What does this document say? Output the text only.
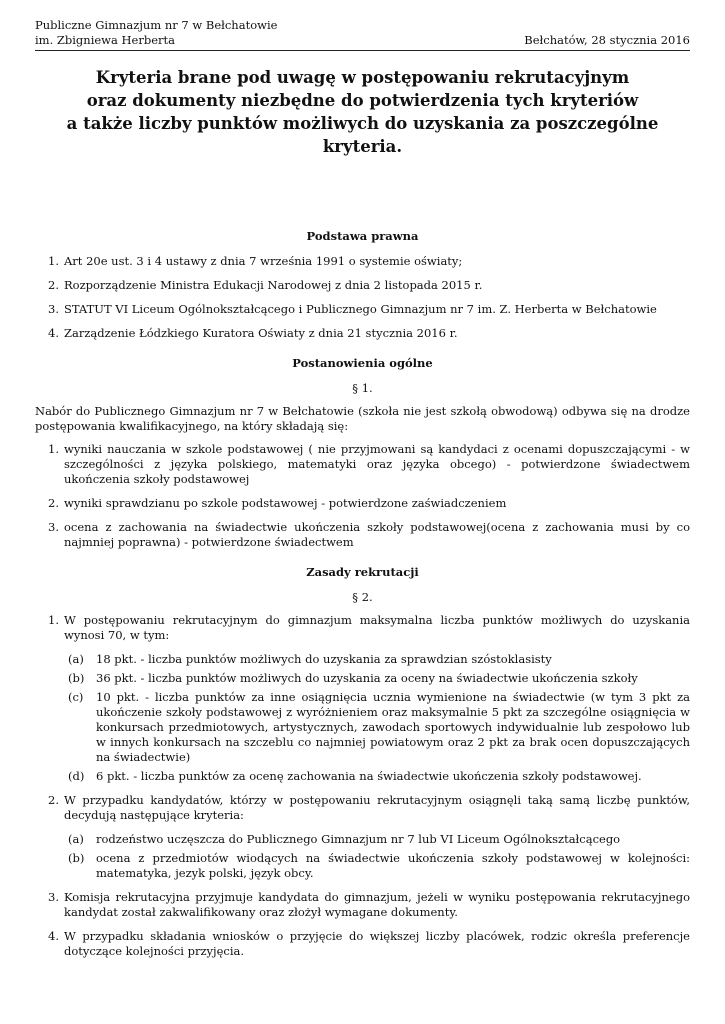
Publiczne Gimnazjum nr 7 w Bełchatowie
im. Zbigniewa Herberta	Bełchatów, 28 stycznia 2016
Kryteria brane pod uwagę w postępowaniu rekrutacyjnym
oraz dokumenty niezbędne do potwierdzenia tych kryteriów
a także liczby punktów możliwych do uzyskania za poszczególne kryteria.
Podstawa prawna
1. Art 20e ust. 3 i 4 ustawy z dnia 7 września 1991 o systemie oświaty;
2. Rozporządzenie Ministra Edukacji Narodowej z dnia 2 listopada 2015 r.
3. STATUT VI Liceum Ogólnokształcącego i Publicznego Gimnazjum nr 7 im. Z. Herberta w Bełchatowie
4. Zarządzenie Łódzkiego Kuratora Oświaty z dnia 21 stycznia 2016 r.
Postanowienia ogólne
§ 1.
Nabór do Publicznego Gimnazjum nr 7 w Bełchatowie (szkoła nie jest szkołą obwodową) odbywa się na drodze postępowania kwalifikacyjnego, na który składają się:
1. wyniki nauczania w szkole podstawowej ( nie przyjmowani są kandydaci z ocenami dopuszczającymi - w szczególności z języka polskiego, matematyki oraz języka obcego) - potwierdzone świadectwem ukończenia szkoły podstawowej
2. wyniki sprawdzianu po szkole podstawowej - potwierdzone zaświadczeniem
3. ocena z zachowania na świadectwie ukończenia szkoły podstawowej(ocena z zachowania musi by co najmniej poprawna) - potwierdzone świadectwem
Zasady rekrutacji
§ 2.
1. W postępowaniu rekrutacyjnym do gimnazjum maksymalna liczba punktów możliwych do uzyskania wynosi 70, w tym:
(a) 18 pkt. - liczba punktów możliwych do uzyskania za sprawdzian szóstoklasisty
(b) 36 pkt. - liczba punktów możliwych do uzyskania za oceny na świadectwie ukończenia szkoły
(c) 10 pkt. - liczba punktów za inne osiągnięcia ucznia wymienione na świadectwie (w tym 3 pkt za ukończenie szkoły podstawowej z wyróżnieniem oraz maksymalnie 5 pkt za szczególne osiągnięcia w konkursach przedmiotowych, artystycznych, zawodach sportowych indywidualnie lub zespołowo lub w innych konkursach na szczeblu co najmniej powiatowym oraz 2 pkt za brak ocen dopuszczających na świadectwie)
(d) 6 pkt. - liczba punktów za ocenę zachowania na świadectwie ukończenia szkoły podstawowej.
2. W przypadku kandydatów, którzy w postępowaniu rekrutacyjnym osiągnęli taką samą liczbę punktów, decydują następujące kryteria:
(a) rodzeństwo uczęszcza do Publicznego Gimnazjum nr 7 lub VI Liceum Ogólnokształcącego
(b) ocena z przedmiotów wiodących na świadectwie ukończenia szkoły podstawowej w kolejności: matematyka, jezyk polski, język obcy.
3. Komisja rekrutacyjna przyjmuje kandydata do gimnazjum, jeżeli w wyniku postępowania rekrutacyjnego kandydat został zakwalifikowany oraz złożył wymagane dokumenty.
4. W przypadku składania wniosków o przyjęcie do większej liczby placówek, rodzic określa preferencje dotyczące kolejności przyjęcia.
